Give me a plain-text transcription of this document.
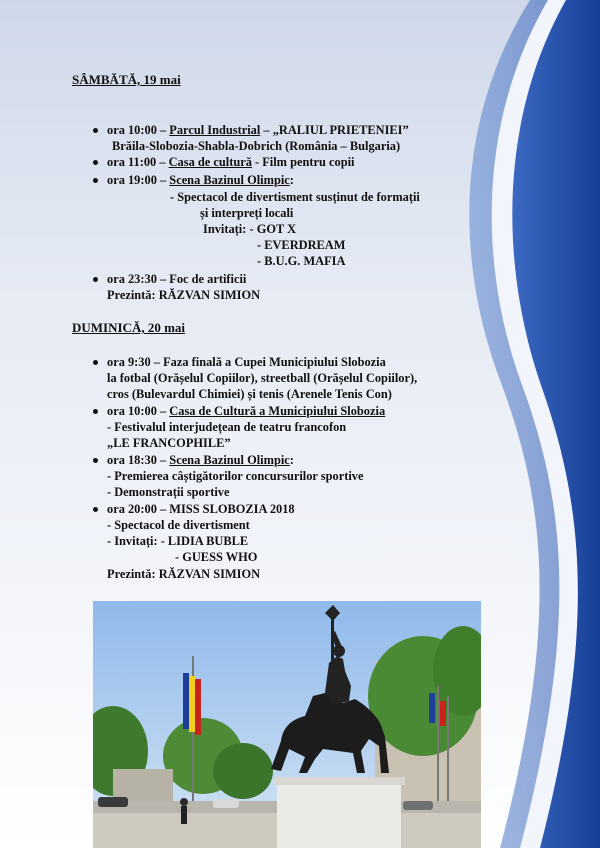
SÂMBĂTĂ, 19 mai
ora 10:00 – Parcul Industrial – „RALIUL PRIETENIEI”
Brăila-Slobozia-Shabla-Dobrich (România – Bulgaria)
ora 11:00 – Casa de cultură - Film pentru copii
ora 19:00 – Scena Bazinul Olimpic:
- Spectacol de divertisment susținut de formații
și interpreți locali
Invitați: - GOT X
- EVERDREAM
- B.U.G. MAFIA
ora 23:30 – Foc de artificii
Prezintă: RĂZVAN SIMION
DUMINICĂ, 20 mai
ora 9:30 – Faza finală a Cupei Municipiului Slobozia
la fotbal (Orășelul Copiilor), streetball (Orășelul Copiilor),
cros (Bulevardul Chimiei) și tenis (Arenele Tenis Con)
ora 10:00 – Casa de Cultură a Municipiului Slobozia
- Festivalul interjudețean de teatru francofon
„LE FRANCOPHILE”
ora 18:30 – Scena Bazinul Olimpic:
- Premierea câștigătorilor concursurilor sportive
- Demonstrații sportive
ora 20:00 – MISS SLOBOZIA 2018
- Spectacol de divertisment
- Invitați: - LIDIA BUBLE
- GUESS WHO
Prezintă: RĂZVAN SIMION
